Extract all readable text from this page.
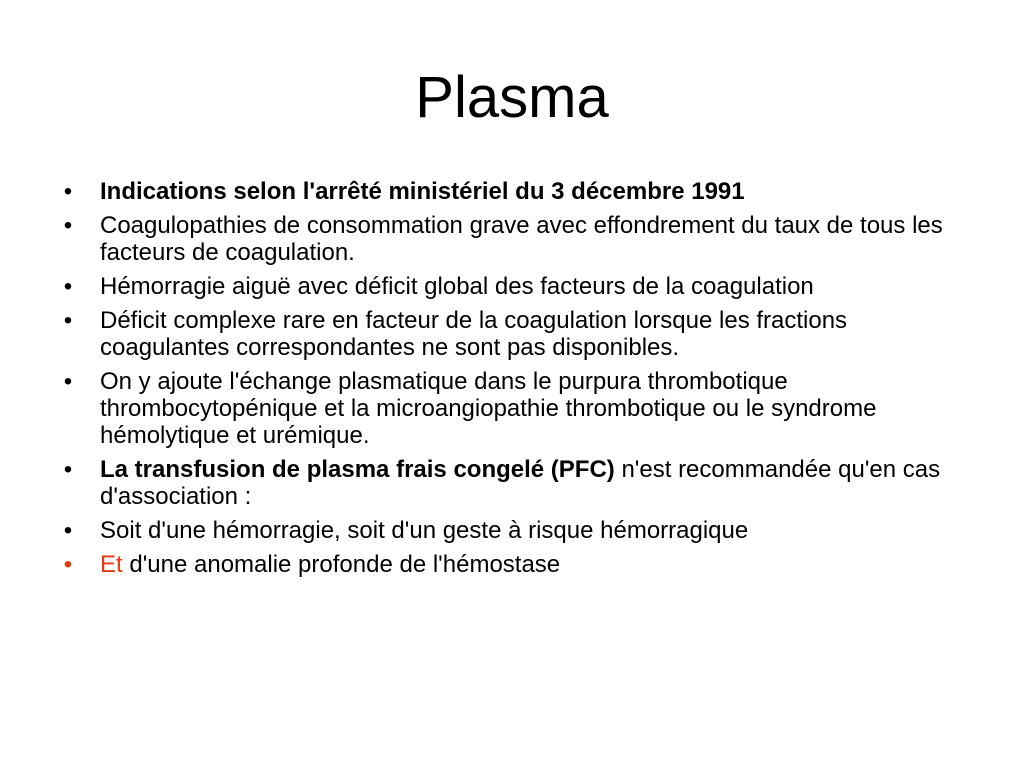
Plasma
• Indications selon l'arrêté ministériel du 3 décembre 1991
• Coagulopathies de consommation grave avec effondrement du taux de tous les facteurs de coagulation.
• Hémorragie aiguë avec déficit global des facteurs de la coagulation
• Déficit complexe rare en facteur de la coagulation lorsque les fractions coagulantes correspondantes ne sont pas disponibles.
• On y ajoute l'échange plasmatique dans le purpura thrombotique thrombocytopénique et la microangiopathie thrombotique ou le syndrome hémolytique et urémique.
• La transfusion de plasma frais congelé (PFC) n'est recommandée qu'en cas d'association :
• Soit d'une hémorragie, soit d'un geste à risque hémorragique
• Et d'une anomalie profonde de l'hémostase
